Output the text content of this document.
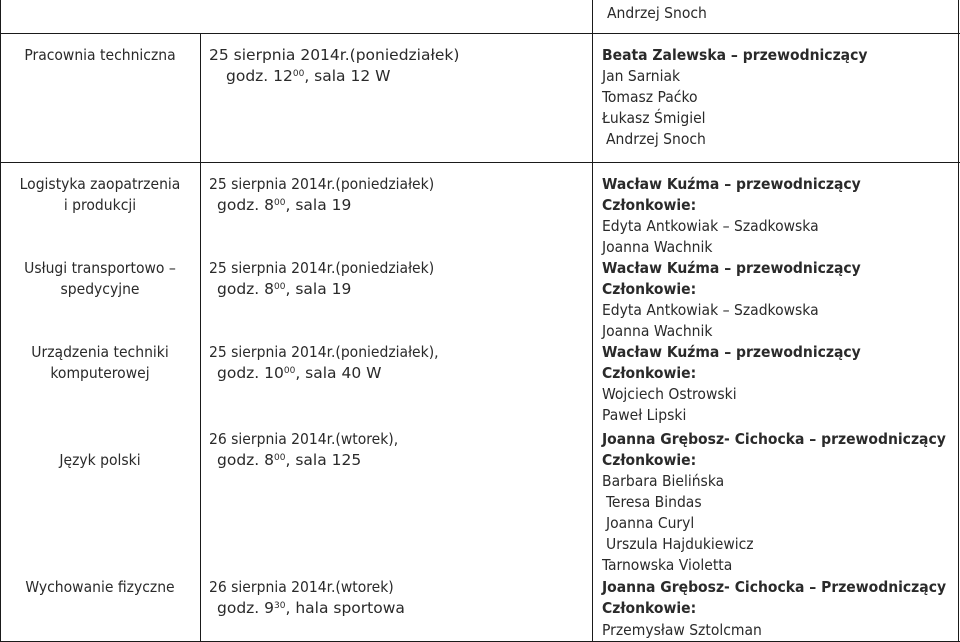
Andrzej Snoch
Pracownia techniczna	25 sierpnia 2014r.(poniedziałek)
godz. $12^{00}$, sala 12 W
Beata Zalewska – przewodniczący
Jan Sarniak
Tomasz Paćko
Łukasz Śmigiel
Andrzej Snoch
Logistyka zaopatrzenia
i produkcji
25 sierpnia 2014r.(poniedziałek)
godz. $8^{00}$, sala 19
Wacław Kuźma – przewodniczący
Członkowie:
Edyta Antkowiak – Szadkowska
Joanna Wachnik
Usługi transportowo –
spedycyjne
25 sierpnia 2014r.(poniedziałek)
godz. $8^{00}$, sala 19
Wacław Kuźma – przewodniczący
Członkowie:
Edyta Antkowiak – Szadkowska
Joanna Wachnik
Urządzenia techniki
komputerowej
25 sierpnia 2014r.(poniedziałek),
godz. $10^{00}$, sala 40 W
Wacław Kuźma – przewodniczący
Członkowie:
Wojciech Ostrowski
Paweł Lipski
Język polski
26 sierpnia 2014r.(wtorek),
godz. $8^{00}$, sala 125
Joanna Grębosz- Cichocka – przewodniczący
Członkowie:
Barbara Bielińska
Teresa Bindas
Joanna Curyl
Urszula Hajdukiewicz
Tarnowska Violetta
Wychowanie fizyczne	26 sierpnia 2014r.(wtorek)
godz. $9^{30}$, hala sportowa
Joanna Grębosz- Cichocka – Przewodniczący
Członkowie:
Przemysław Sztolcman
